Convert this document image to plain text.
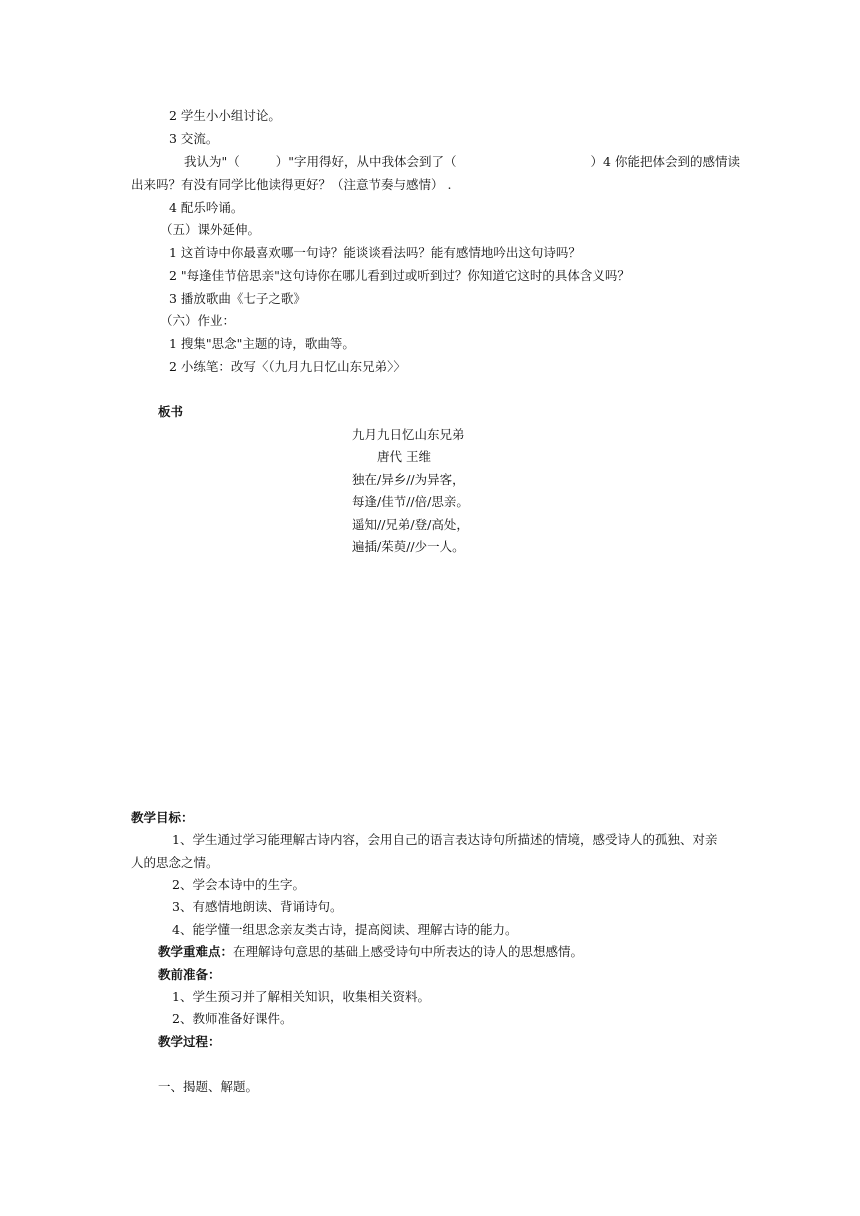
2 学生小小组讨论。
3 交流。
我认为"（	）"字用得好，从中我体会到了（	）4 你能把体会到的感情读
出来吗？有没有同学比他读得更好？（注意节奏与感情） .
4 配乐吟诵。
（五）课外延伸。
1 这首诗中你最喜欢哪一句诗？能谈谈看法吗？能有感情地吟出这句诗吗？
2 "每逢佳节倍思亲"这句诗你在哪儿看到过或听到过？你知道它这时的具体含义吗？
3 播放歌曲《七子之歌》
（六）作业：
1 搜集"思念"主题的诗，歌曲等。
2 小练笔：改写〈（九月九日忆山东兄弟〉〉
板书
九月九日忆山东兄弟
唐代 王维
独在/异乡//为异客，
每逢/佳节//倍/思亲。
遥知//兄弟/登/高处，
遍插/茱萸//少一人。
教学目标：
1、学生通过学习能理解古诗内容，会用自己的语言表达诗句所描述的情境，感受诗人的孤独、对亲
人的思念之情。
2、学会本诗中的生字。
3、有感情地朗读、背诵诗句。
4、能学懂一组思念亲友类古诗，提高阅读、理解古诗的能力。
教学重难点：在理解诗句意思的基础上感受诗句中所表达的诗人的思想感情。
教前准备：
1、学生预习并了解相关知识，收集相关资料。
2、教师准备好课件。
教学过程：
一、揭题、解题。
